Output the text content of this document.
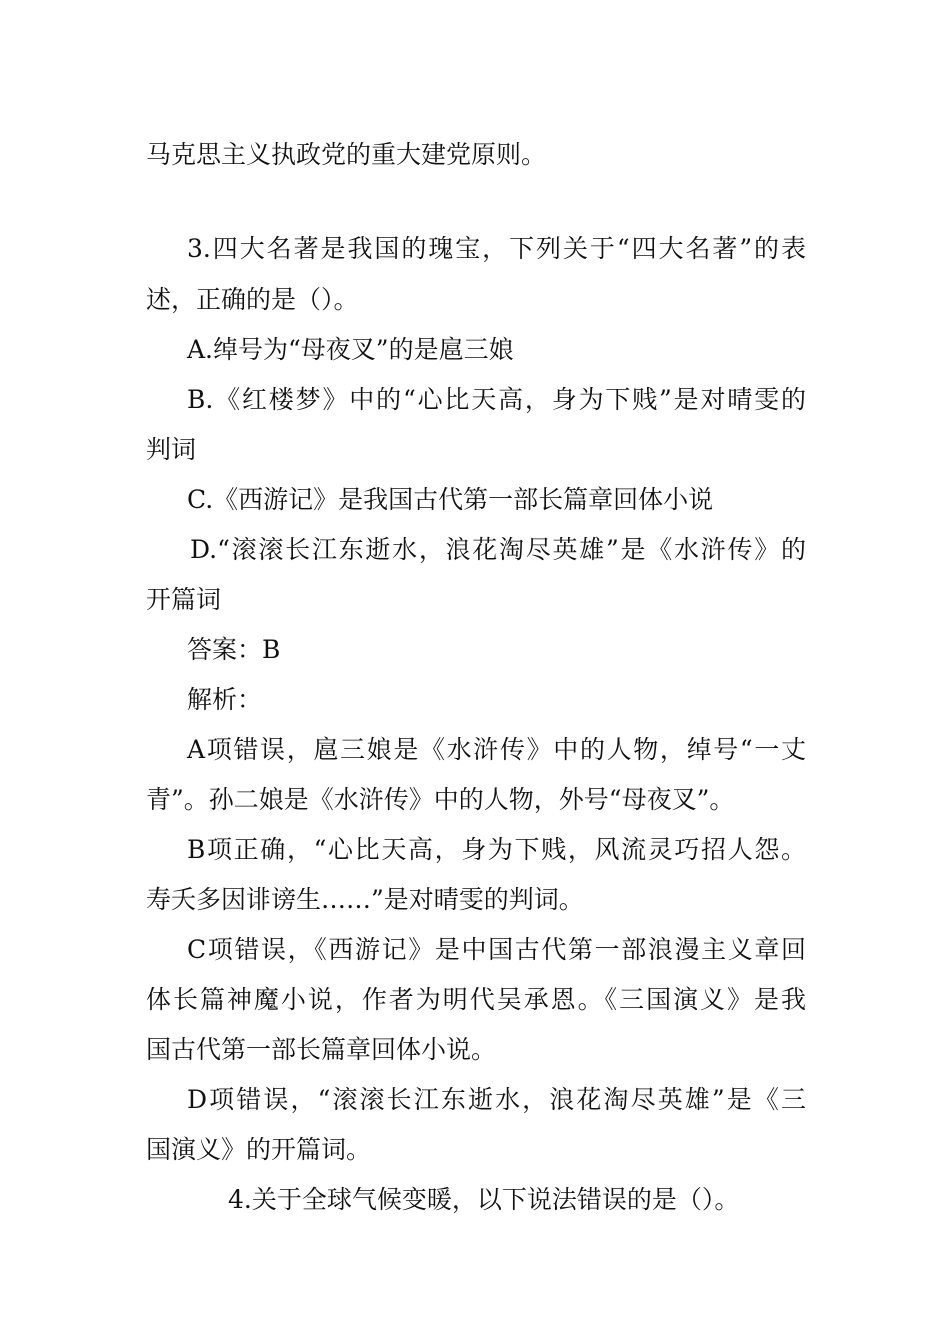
马克思主义执政党的重大建党原则。
3.四大名著是我国的瑰宝，下列关于“四大名著”的表
述，正确的是（）。
A.绰号为“母夜叉”的是扈三娘
B.《红楼梦》中的“心比天高，身为下贱”是对晴雯的
判词
C.《西游记》是我国古代第一部长篇章回体小说
D.“滚滚长江东逝水，浪花淘尽英雄”是《水浒传》的
开篇词
答案：B
解析：
A项错误，扈三娘是《水浒传》中的人物，绰号“一丈
青”。孙二娘是《水浒传》中的人物，外号“母夜叉”。
B项正确，“心比天高，身为下贱，风流灵巧招人怨。
寿夭多因诽谤生……”是对晴雯的判词。
C项错误，《西游记》是中国古代第一部浪漫主义章回
体长篇神魔小说，作者为明代吴承恩。《三国演义》是我
国古代第一部长篇章回体小说。
D项错误，“滚滚长江东逝水，浪花淘尽英雄”是《三
国演义》的开篇词。
4.关于全球气候变暖，以下说法错误的是（）。
